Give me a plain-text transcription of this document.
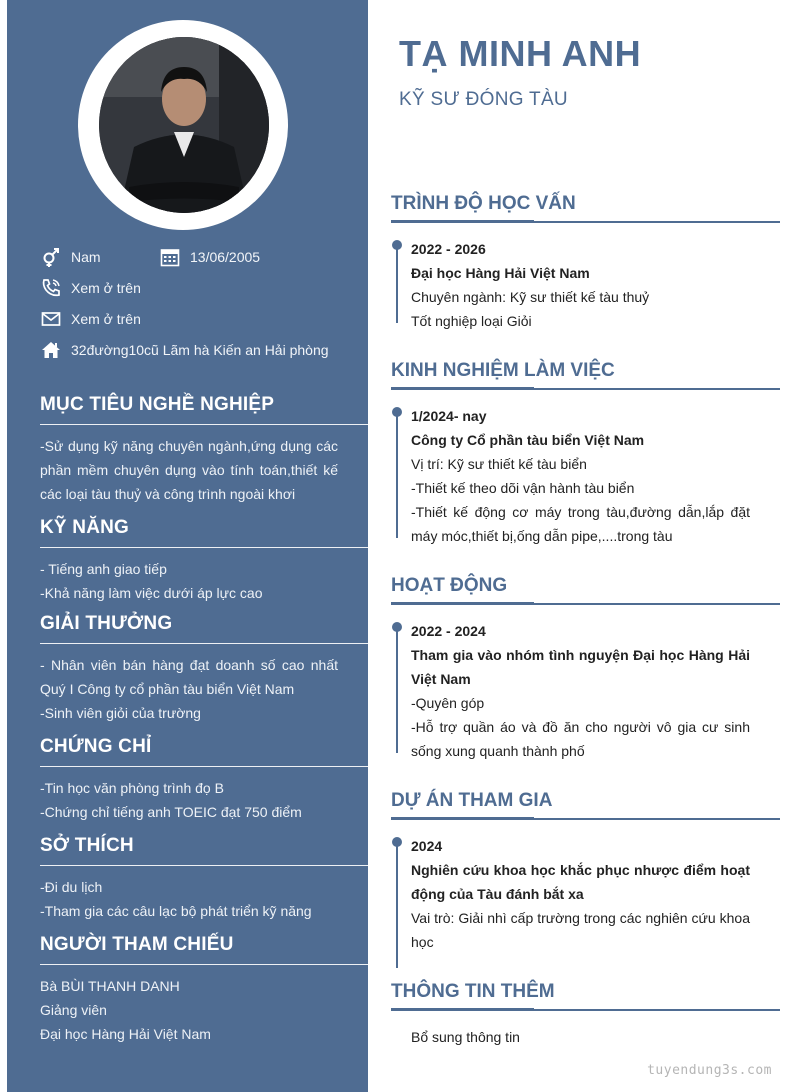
Nam	13/06/2005
Xem ở trên
Xem ở trên
32đường10cũ Lãm hà Kiến an Hải phòng
MỤC TIÊU NGHỀ NGHIỆP

-Sử dụng kỹ năng chuyên ngành,ứng dụng các phần mềm chuyên dụng vào tính toán,thiết kế các loại tàu thuỷ và công trình ngoài khơi

KỸ NĂNG

- Tiếng anh giao tiếp

-Khả năng làm việc dưới áp lực cao

GIẢI THƯỞNG

- Nhân viên bán hàng đạt doanh số cao nhất Quý I Công ty cổ phần tàu biển Việt Nam

-Sinh viên giỏi của trường

CHỨNG CHỈ

-Tin học văn phòng trình đọ B

-Chứng chỉ tiếng anh TOEIC đạt 750 điểm

SỞ THÍCH

-Đi du lịch

-Tham gia các câu lạc bộ phát triển kỹ năng

NGƯỜI THAM CHIẾU

Bà BÙI THANH DANH

Giảng viên

Đại học Hàng Hải Việt Nam

TẠ MINH ANH
KỸ SƯ ĐÓNG TÀU
TRÌNH ĐỘ HỌC VẤN

2022 - 2026

Đại học Hàng Hải Việt Nam

Chuyên ngành: Kỹ sư thiết kế tàu thuỷ

Tốt nghiệp loại Giỏi

KINH NGHIỆM LÀM VIỆC

1/2024- nay

Công ty Cổ phần tàu biển Việt Nam

Vị trí: Kỹ sư thiết kế tàu biển

-Thiết kế theo dõi vận hành tàu biển

-Thiết kế động cơ máy trong tàu,đường dẫn,lắp đặt máy móc,thiết bị,ống dẫn pipe,....trong tàu

HOẠT ĐỘNG

2022 - 2024

Tham gia vào nhóm tình nguyện Đại học Hàng Hải Việt Nam

-Quyên góp

-Hỗ trợ quần áo và đồ ăn cho người vô gia cư sinh sống xung quanh thành phố

DỰ ÁN THAM GIA

2024

Nghiên cứu khoa học khắc phục nhược điểm hoạt động của Tàu đánh bắt xa

Vai trò: Giải nhì cấp trường trong các nghiên cứu khoa học

THÔNG TIN THÊM

Bổ sung thông tin

tuyendung3s.com
